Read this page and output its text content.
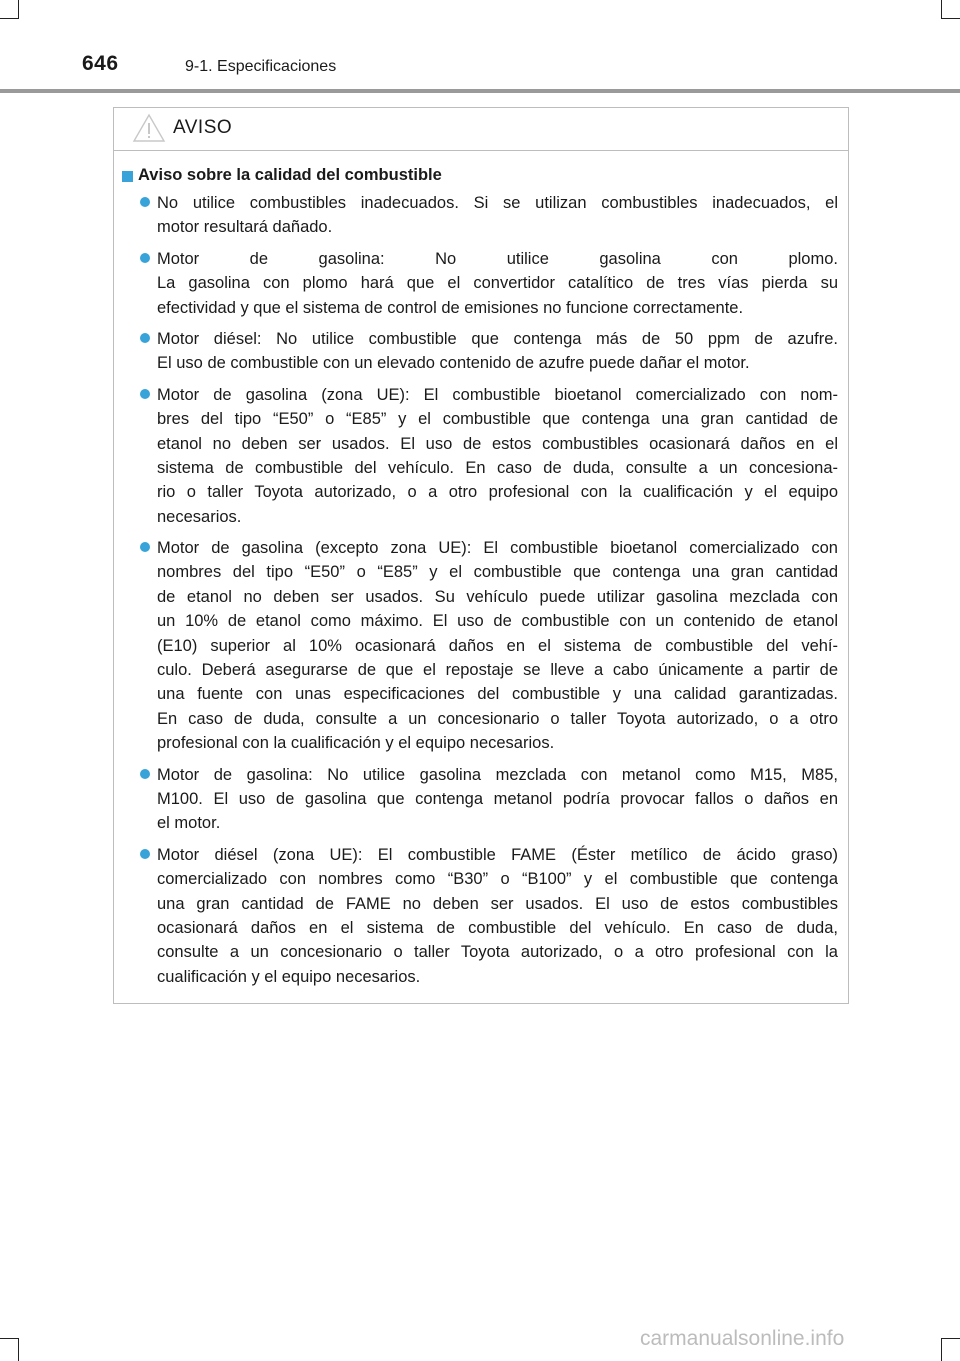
646	9-1. Especificaciones
AVISO
Aviso sobre la calidad del combustible
No utilice combustibles inadecuados. Si se utilizan combustibles inadecuados, el
motor resultará dañado.
Motor de gasolina: No utilice gasolina con plomo.
La gasolina con plomo hará que el convertidor catalítico de tres vías pierda su
efectividad y que el sistema de control de emisiones no funcione correctamente.
Motor diésel: No utilice combustible que contenga más de 50 ppm de azufre.
El uso de combustible con un elevado contenido de azufre puede dañar el motor.
Motor de gasolina (zona UE): El combustible bioetanol comercializado con nom-
bres del tipo “E50” o “E85” y el combustible que contenga una gran cantidad de
etanol no deben ser usados. El uso de estos combustibles ocasionará daños en el
sistema de combustible del vehículo. En caso de duda, consulte a un concesiona-
rio o taller Toyota autorizado, o a otro profesional con la cualificación y el equipo
necesarios.
Motor de gasolina (excepto zona UE): El combustible bioetanol comercializado con
nombres del tipo “E50” o “E85” y el combustible que contenga una gran cantidad
de etanol no deben ser usados. Su vehículo puede utilizar gasolina mezclada con
un 10% de etanol como máximo. El uso de combustible con un contenido de etanol
(E10) superior al 10% ocasionará daños en el sistema de combustible del vehí-
culo. Deberá asegurarse de que el repostaje se lleve a cabo únicamente a partir de
una fuente con unas especificaciones del combustible y una calidad garantizadas.
En caso de duda, consulte a un concesionario o taller Toyota autorizado, o a otro
profesional con la cualificación y el equipo necesarios.
Motor de gasolina: No utilice gasolina mezclada con metanol como M15, M85,
M100. El uso de gasolina que contenga metanol podría provocar fallos o daños en
el motor.
Motor diésel (zona UE): El combustible FAME (Éster metílico de ácido graso)
comercializado con nombres como “B30” o “B100” y el combustible que contenga
una gran cantidad de FAME no deben ser usados. El uso de estos combustibles
ocasionará daños en el sistema de combustible del vehículo. En caso de duda,
consulte a un concesionario o taller Toyota autorizado, o a otro profesional con la
cualificación y el equipo necesarios.
carmanualsonline.info
